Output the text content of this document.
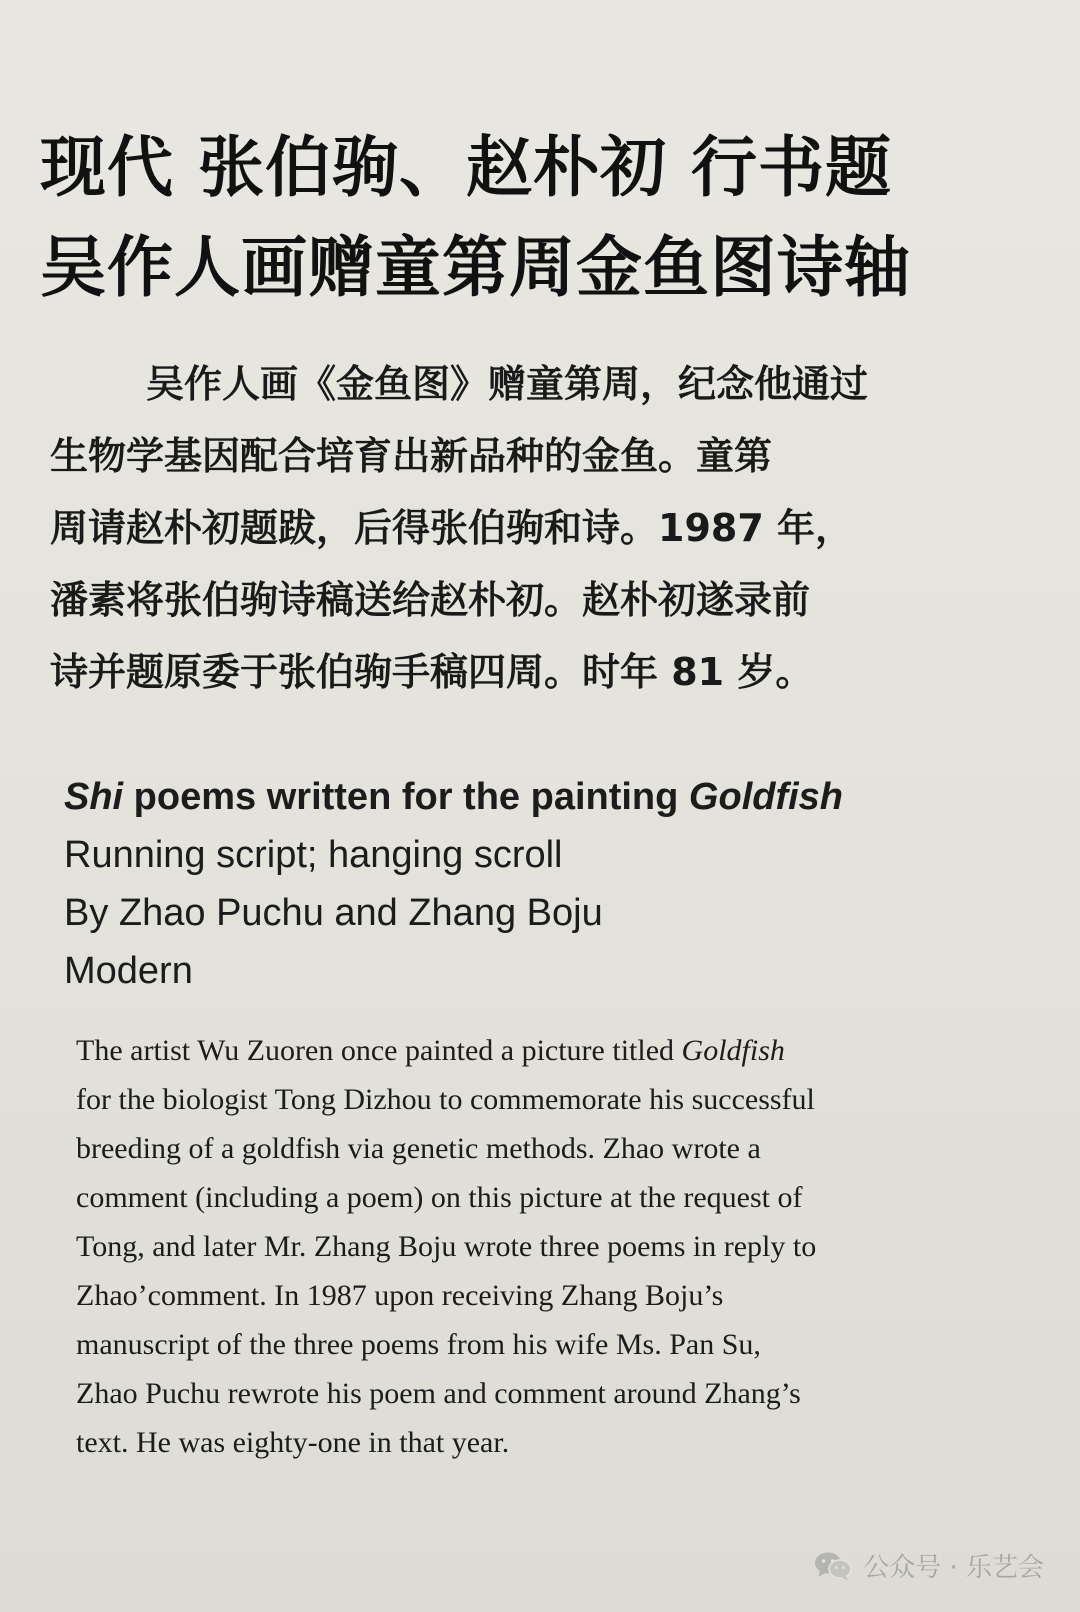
现代 张伯驹、赵朴初 行书题
吴作人画赠童第周金鱼图诗轴
吴作人画《金鱼图》赠童第周，纪念他通过
生物学基因配合培育出新品种的金鱼。童第
周请赵朴初题跋，后得张伯驹和诗。1987 年，
潘素将张伯驹诗稿送给赵朴初。赵朴初遂录前
诗并题原委于张伯驹手稿四周。时年 81 岁。
Shi poems written for the painting Goldfish
Running script; hanging scroll
By Zhao Puchu and Zhang Boju
Modern
The artist Wu Zuoren once painted a picture titled Goldfish
for the biologist Tong Dizhou to commemorate his successful
breeding of a goldfish via genetic methods. Zhao wrote a
comment (including a poem) on this picture at the request of
Tong, and later Mr. Zhang Boju wrote three poems in reply to
Zhao’comment. In 1987 upon receiving Zhang Boju’s
manuscript of the three poems from his wife Ms. Pan Su,
Zhao Puchu rewrote his poem and comment around Zhang’s
text. He was eighty-one in that year.
公众号 · 乐艺会
